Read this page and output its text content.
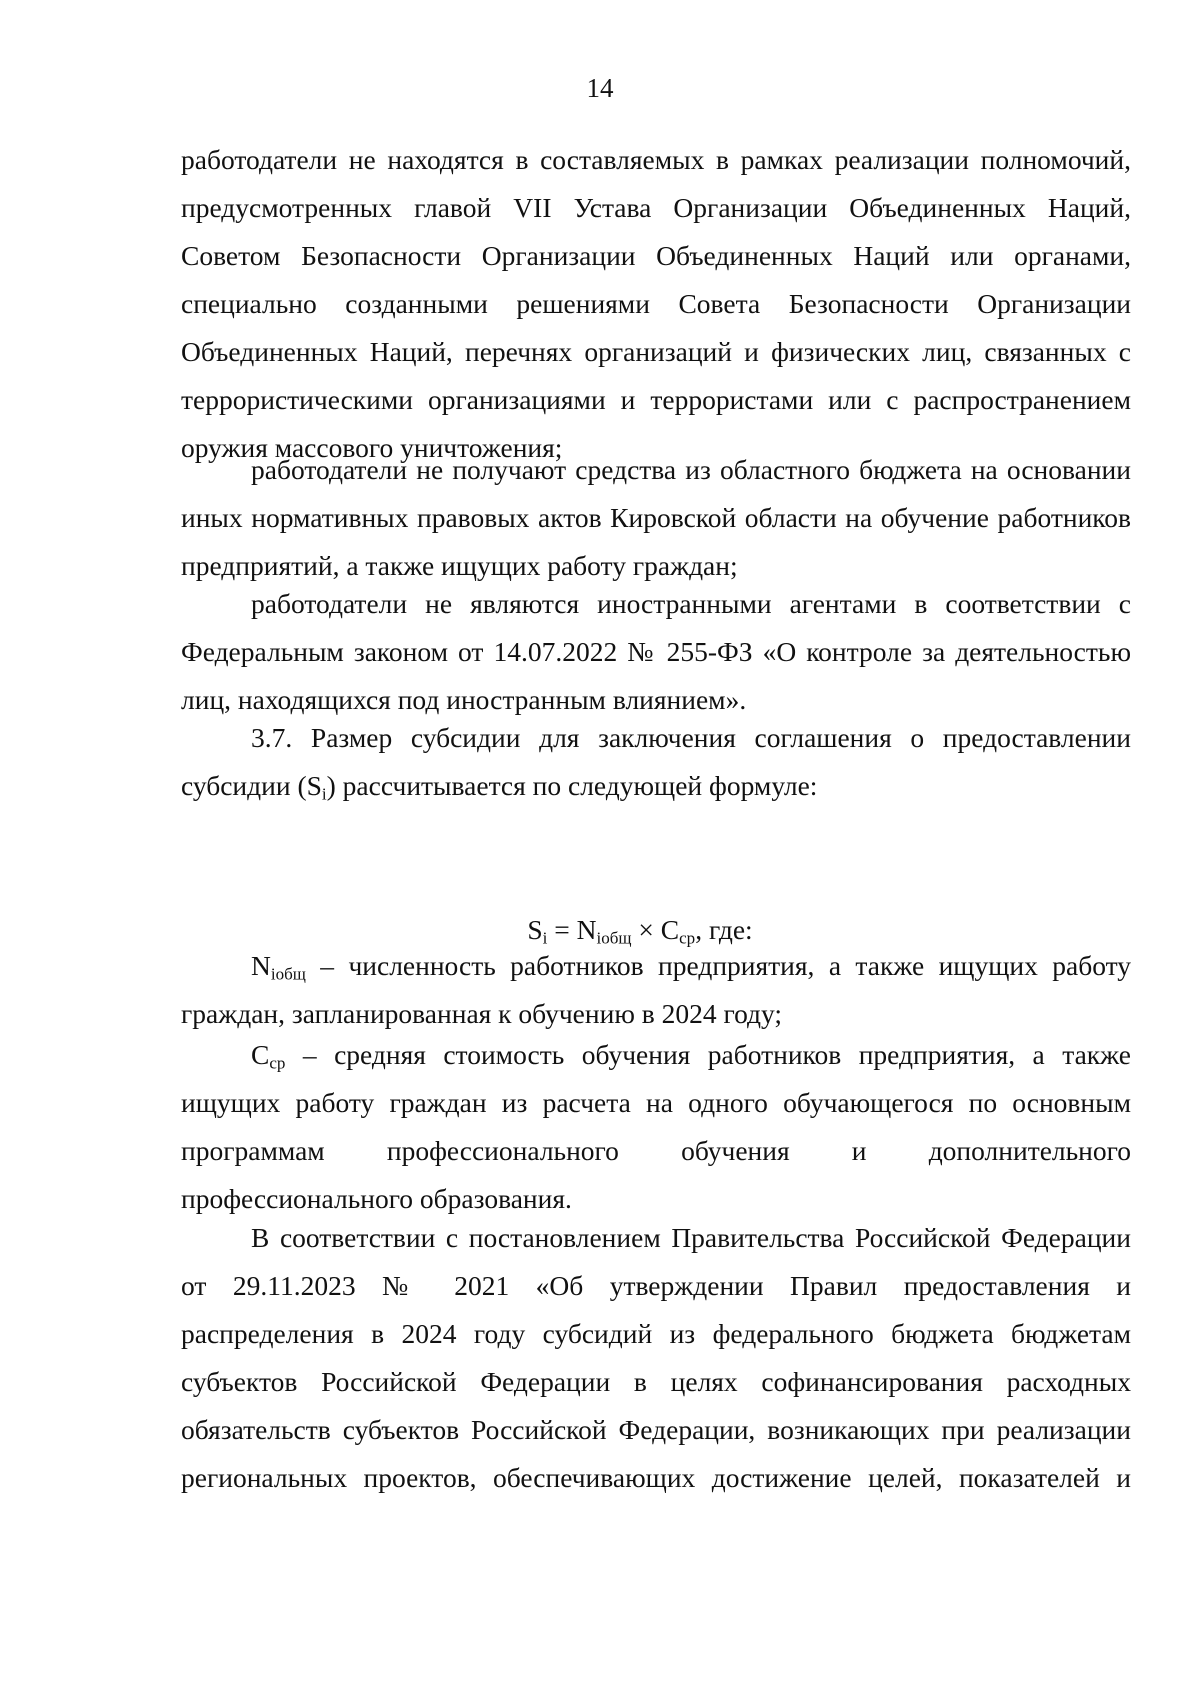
14

работодатели не находятся в составляемых в рамках реализации полномочий, предусмотренных главой VII Устава Организации Объединенных Наций, Советом Безопасности Организации Объединенных Наций или органами, специально созданными решениями Совета Безопасности Организации Объединенных Наций, перечнях организаций и физических лиц, связанных с террористическими организациями и террористами или с распространением оружия массового уничтожения;

работодатели не получают средства из областного бюджета на основании иных нормативных правовых актов Кировской области на обучение работников предприятий, а также ищущих работу граждан;

работодатели не являются иностранными агентами в соответствии с Федеральным законом от 14.07.2022 № 255-ФЗ «О контроле за деятельностью лиц, находящихся под иностранным влиянием».

3.7. Размер субсидии для заключения соглашения о предоставлении субсидии $(S_i)$ рассчитывается по следующей формуле:

$S_i = N_{iобщ} \times C_{ср}$, где:

$N_{iобщ}$ – численность работников предприятия, а также ищущих работу граждан, запланированная к обучению в 2024 году;

$C_{ср}$ – средняя стоимость обучения работников предприятия, а также ищущих работу граждан из расчета на одного обучающегося по основным программам профессионального обучения и дополнительного профессионального образования.

В соответствии с постановлением Правительства Российской Федерации от 29.11.2023 № 2021 «Об утверждении Правил предоставления и распределения в 2024 году субсидий из федерального бюджета бюджетам субъектов Российской Федерации в целях софинансирования расходных обязательств субъектов Российской Федерации, возникающих при реализации региональных проектов, обеспечивающих достижение целей, показателей и
